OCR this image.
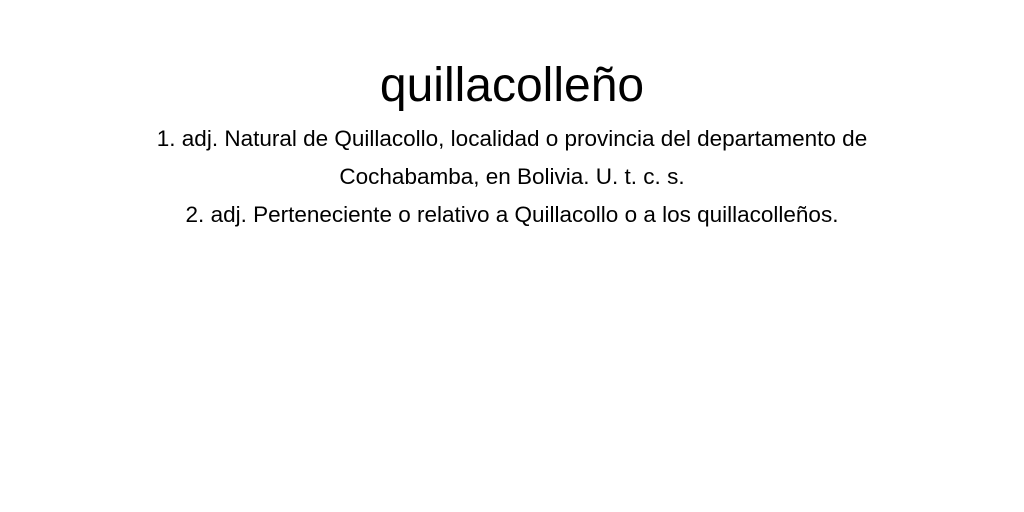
quillacolleño

1. adj. Natural de Quillacollo, localidad o provincia del departamento de Cochabamba, en Bolivia. U. t. c. s.

2. adj. Perteneciente o relativo a Quillacollo o a los quillacolleños.
